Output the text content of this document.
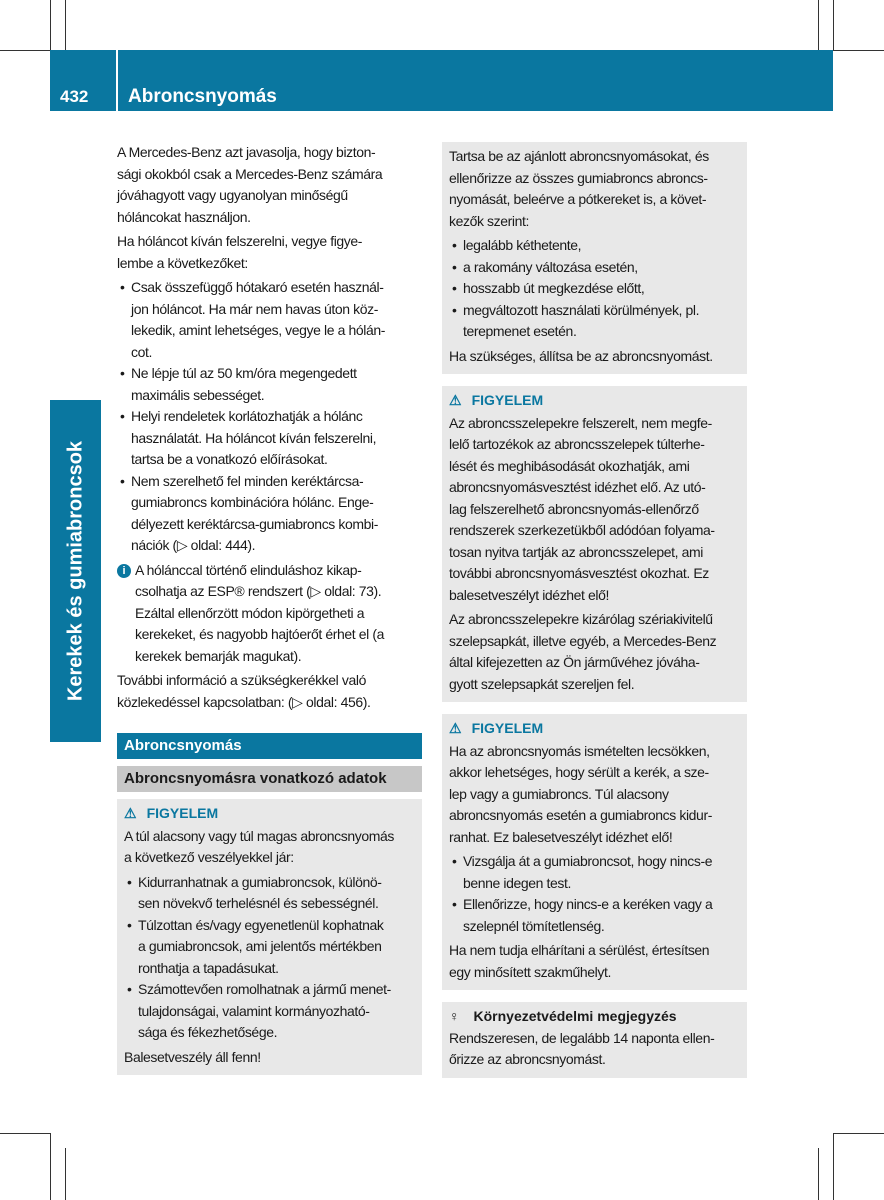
432 Abroncsnyomás
Kerekek és gumiabroncsok

A Mercedes-Benz azt javasolja, hogy bizton-
sági okokból csak a Mercedes-Benz számára
jóváhagyott vagy ugyanolyan minőségű
hóláncokat használjon.

Ha hóláncot kíván felszerelni, vegye figye-
lembe a következőket:

• Csak összefüggő hótakaró esetén használ-
jon hóláncot. Ha már nem havas úton köz-
lekedik, amint lehetséges, vegye le a hólán-
cot.
• Ne lépje túl az 50 km/óra megengedett
maximális sebességet.
• Helyi rendeletek korlátozhatják a hólánc
használatát. Ha hóláncot kíván felszerelni,
tartsa be a vonatkozó előírásokat.
• Nem szerelhető fel minden keréktárcsa-
gumiabroncs kombinációra hólánc. Enge-
délyezett keréktárcsa-gumiabroncs kombi-
nációk (▷ oldal: 444).
i A hólánccal történő elinduláshoz kikap-
csolhatja az ESP® rendszert (▷ oldal: 73).
Ezáltal ellenőrzött módon kipörgetheti a
kerekeket, és nagyobb hajtóerőt érhet el (a
kerekek bemarják magukat).

További információ a szükségkerékkel való
közlekedéssel kapcsolatban: (▷ oldal: 456).

Abroncsnyomás
Abroncsnyomásra vonatkozó adatok
⚠ FIGYELEM

A túl alacsony vagy túl magas abroncsnyomás
a következő veszélyekkel jár:

• Kidurranhatnak a gumiabroncsok, különö-
sen növekvő terhelésnél és sebességnél.
• Túlzottan és/vagy egyenetlenül kophatnak
a gumiabroncsok, ami jelentős mértékben
ronthatja a tapadásukat.
• Számottevően romolhatnak a jármű menet-
tulajdonságai, valamint kormányozható-
sága és fékezhetősége.

Balesetveszély áll fenn!

Tartsa be az ajánlott abroncsnyomásokat, és
ellenőrizze az összes gumiabroncs abroncs-
nyomását, beleérve a pótkereket is, a követ-
kezők szerint:

• legalább kéthetente,
• a rakomány változása esetén,
• hosszabb út megkezdése előtt,
• megváltozott használati körülmények, pl.
terepmenet esetén.

Ha szükséges, állítsa be az abroncsnyomást.

⚠ FIGYELEM

Az abroncsszelepekre felszerelt, nem megfe-
lelő tartozékok az abroncsszelepek túlterhe-
lését és meghibásodását okozhatják, ami
abroncsnyomásvesztést idézhet elő. Az utó-
lag felszerelhető abroncsnyomás-ellenőrző
rendszerek szerkezetükből adódóan folyama-
tosan nyitva tartják az abroncsszelepet, ami
további abroncsnyomásvesztést okozhat. Ez
balesetveszélyt idézhet elő!

Az abroncsszelepekre kizárólag szériakivitelű
szelepsapkát, illetve egyéb, a Mercedes-Benz
által kifejezetten az Ön járművéhez jóváha-
gyott szelepsapkát szereljen fel.

⚠ FIGYELEM

Ha az abroncsnyomás ismételten lecsökken,
akkor lehetséges, hogy sérült a kerék, a sze-
lep vagy a gumiabroncs. Túl alacsony
abroncsnyomás esetén a gumiabroncs kidur-
ranhat. Ez balesetveszélyt idézhet elő!

• Vizsgálja át a gumiabroncsot, hogy nincs-e
benne idegen test.
• Ellenőrizze, hogy nincs-e a keréken vagy a
szelepnél tömítetlenség.

Ha nem tudja elhárítani a sérülést, értesítsen
egy minősített szakműhelyt.

♀ Környezetvédelmi megjegyzés

Rendszeresen, de legalább 14 naponta ellen-
őrizze az abroncsnyomást.
